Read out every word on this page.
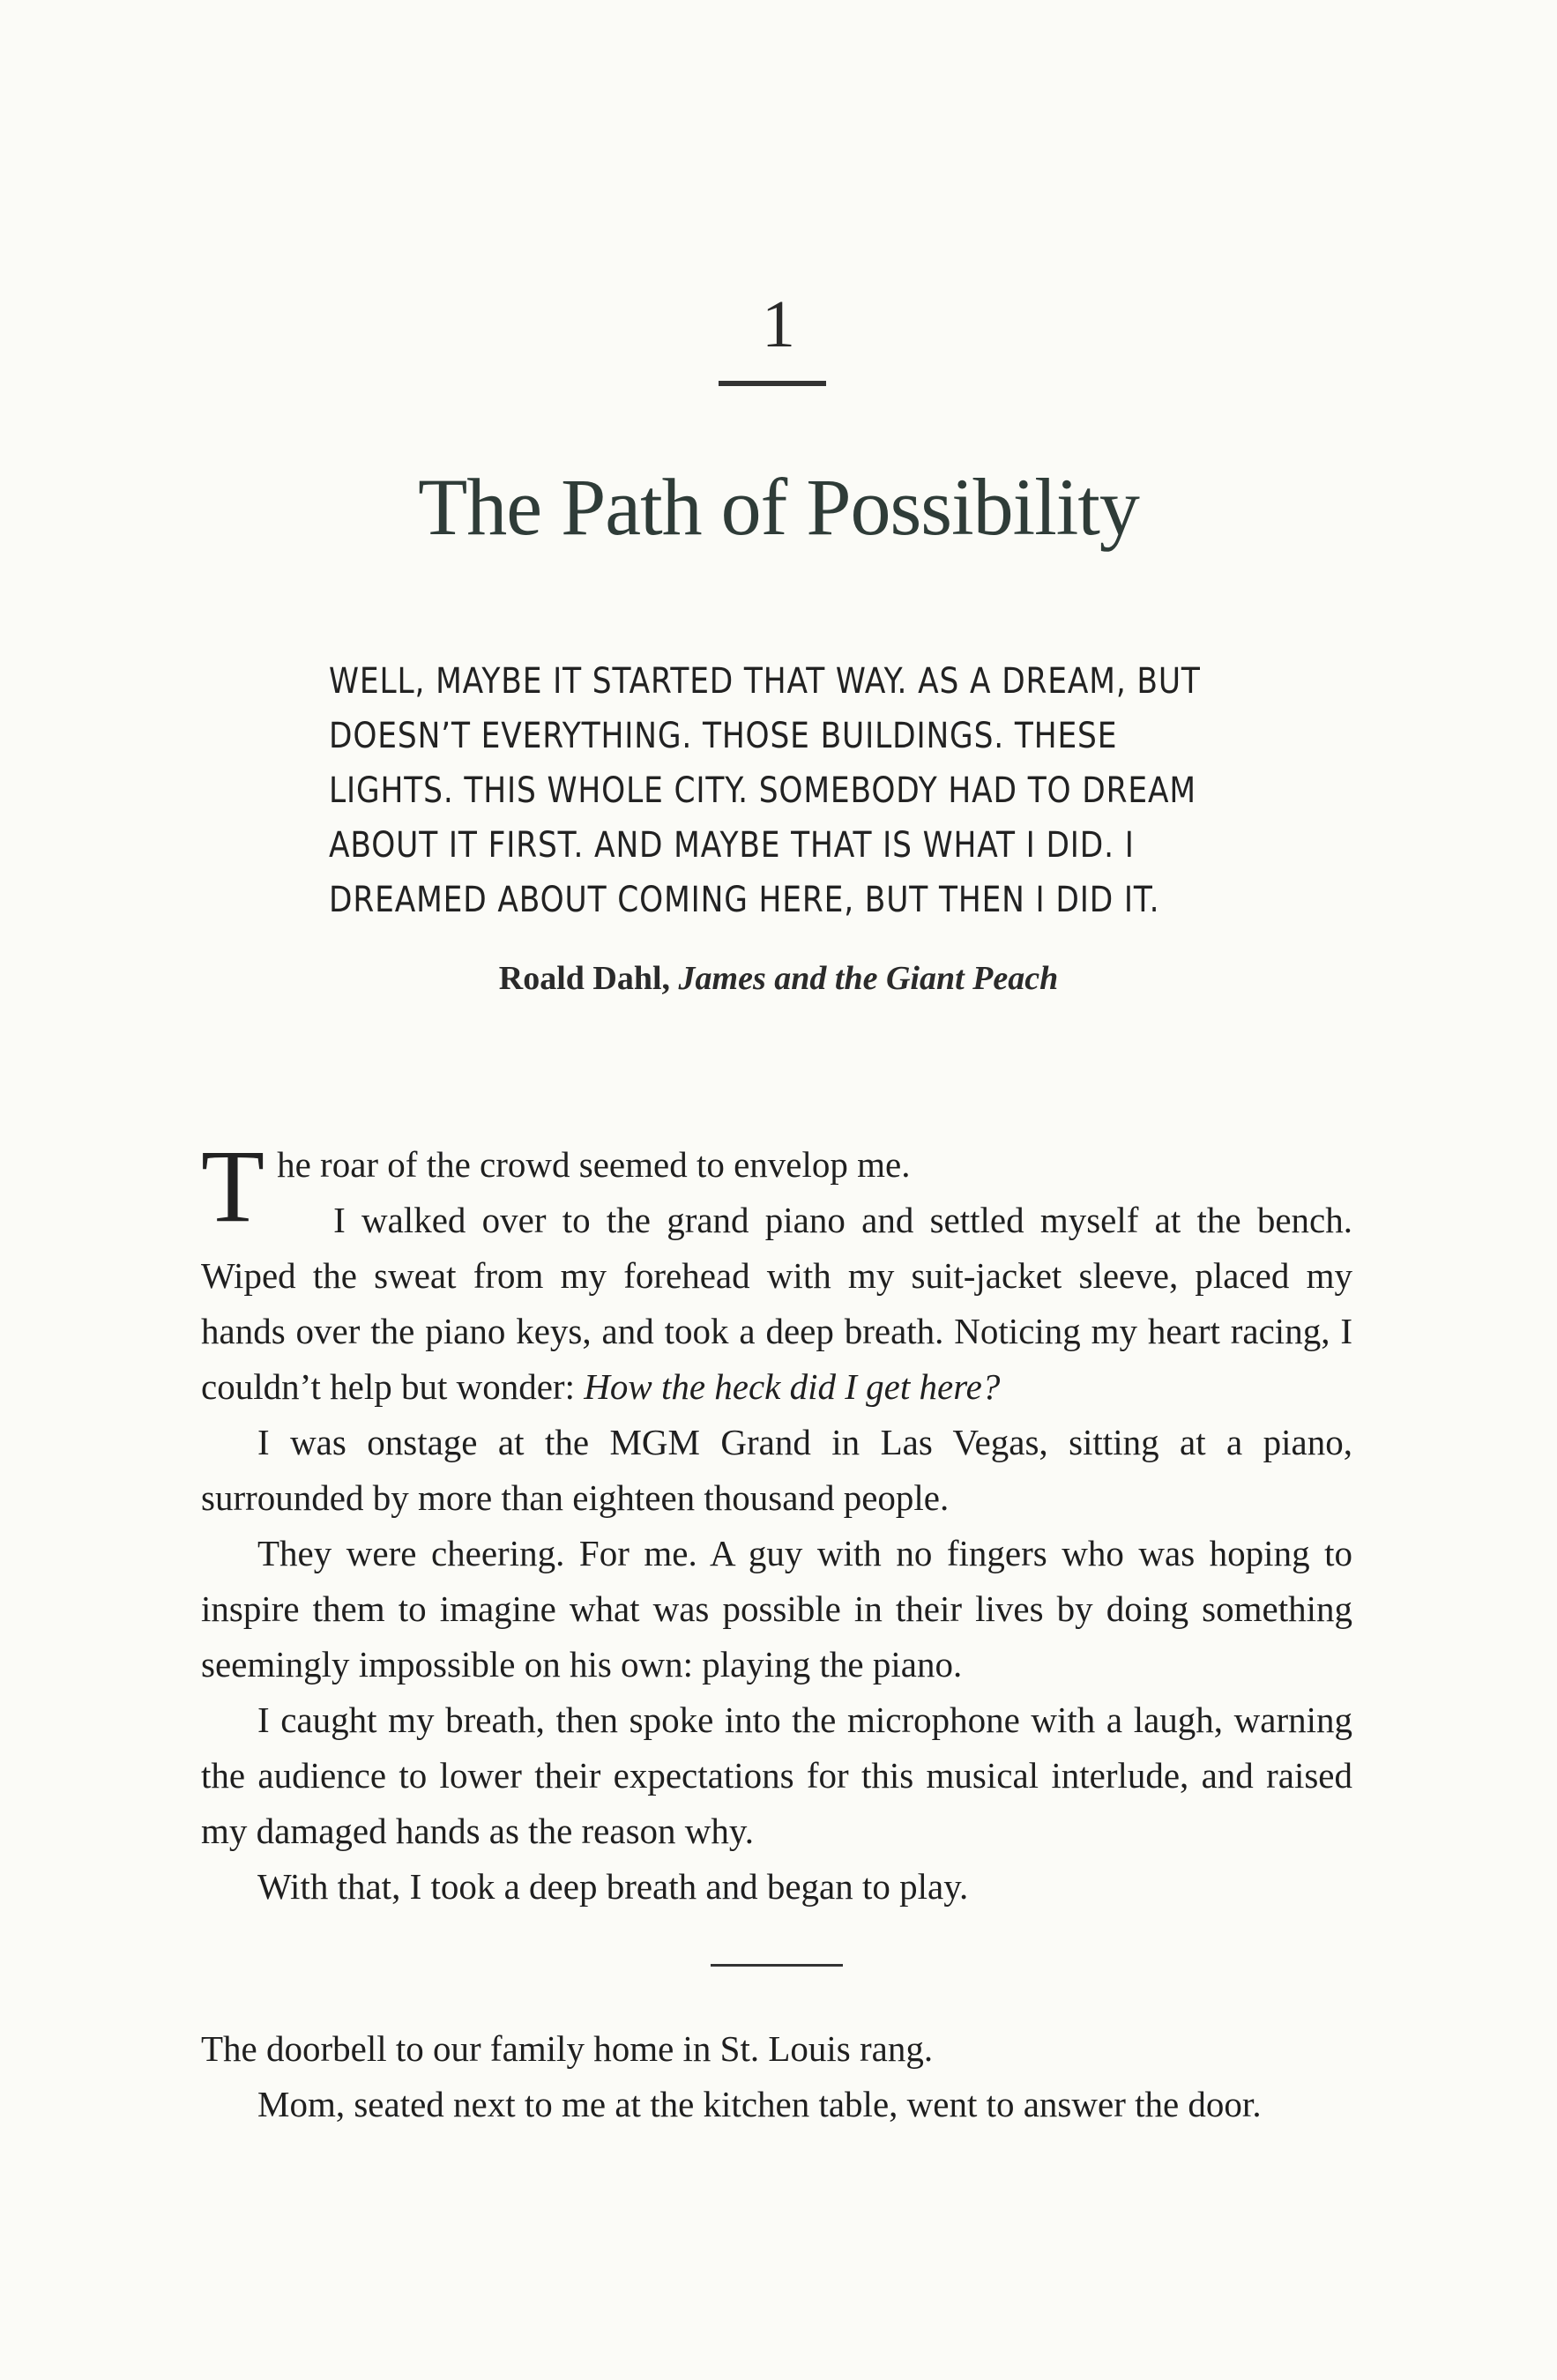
1
The Path of Possibility
WELL, MAYBE IT STARTED THAT WAY. AS A DREAM, BUT DOESN’T EVERYTHING. THOSE BUILDINGS. THESE LIGHTS. THIS WHOLE CITY. SOMEBODY HAD TO DREAM ABOUT IT FIRST. AND MAYBE THAT IS WHAT I DID. I DREAMED ABOUT COMING HERE, BUT THEN I DID IT.
Roald Dahl, James and the Giant Peach

The roar of the crowd seemed to envelop me.

I walked over to the grand piano and settled myself at the bench. Wiped the sweat from my forehead with my suit-jacket sleeve, placed my hands over the piano keys, and took a deep breath. Noticing my heart racing, I couldn’t help but wonder: How the heck did I get here?

I was onstage at the MGM Grand in Las Vegas, sitting at a piano, surrounded by more than eighteen thousand people.

They were cheering. For me. A guy with no fingers who was hoping to inspire them to imagine what was possible in their lives by doing something seemingly impossible on his own: playing the piano.

I caught my breath, then spoke into the microphone with a laugh, warning the audience to lower their expectations for this musical interlude, and raised my damaged hands as the reason why.

With that, I took a deep breath and began to play.

The doorbell to our family home in St. Louis rang.

Mom, seated next to me at the kitchen table, went to answer the door.
